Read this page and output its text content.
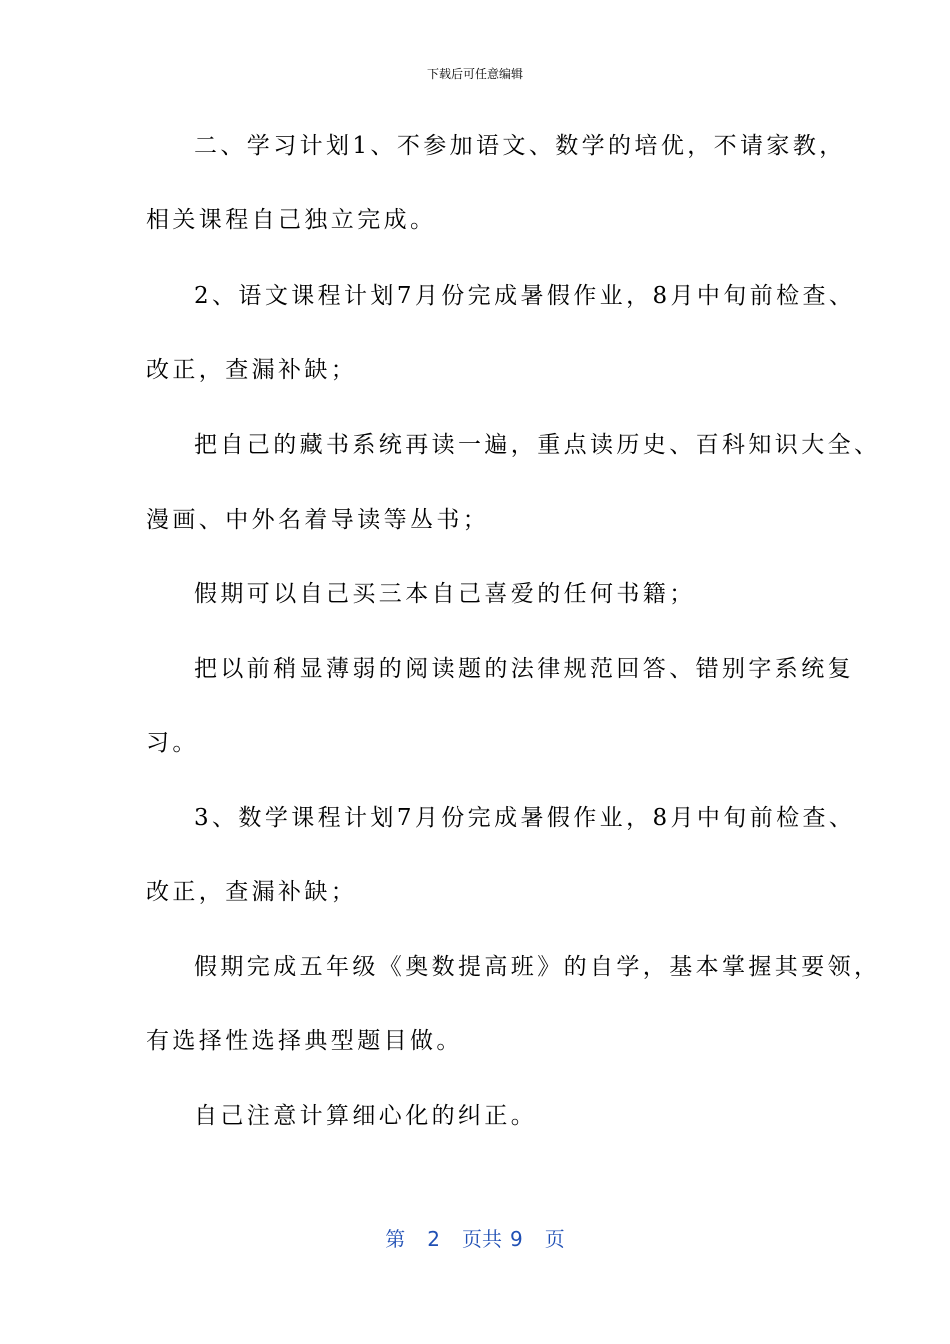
下载后可任意编辑
二、学习计划1、不参加语文、数学的培优，不请家教，
相关课程自己独立完成。
2、语文课程计划7月份完成暑假作业，8月中旬前检查、
改正，查漏补缺；
把自己的藏书系统再读一遍，重点读历史、百科知识大全、
漫画、中外名着导读等丛书；
假期可以自己买三本自己喜爱的任何书籍；
把以前稍显薄弱的阅读题的法律规范回答、错别字系统复
习。
3、数学课程计划7月份完成暑假作业，8月中旬前检查、
改正，查漏补缺；
假期完成五年级《奥数提高班》的自学，基本掌握其要领，
有选择性选择典型题目做。
自己注意计算细心化的纠正。
第 2 页共 9 页
